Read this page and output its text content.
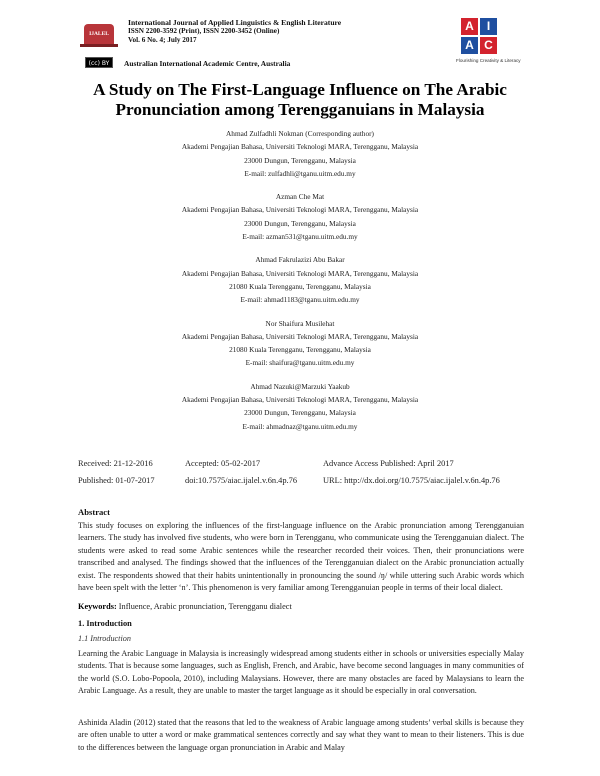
IJALEL
(cc) BY
International Journal of Applied Linguistics & English Literature
ISSN 2200-3592 (Print), ISSN 2200-3452 (Online)
Vol. 6 No. 4; July 2017
Australian International Academic Centre, Australia
A	I
A C
Flourishing Creativity & Literacy
A Study on The First-Language Influence on The Arabic
Pronunciation among Terengganuians in Malaysia
Ahmad Zulfadhli Nokman (Corresponding author)
Akademi Pengajian Bahasa, Universiti Teknologi MARA, Terengganu, Malaysia
23000 Dungun, Terengganu, Malaysia
E-mail: zulfadhli@tganu.uitm.edu.my
Azman Che Mat
Akademi Pengajian Bahasa, Universiti Teknologi MARA, Terengganu, Malaysia
23000 Dungun, Terengganu, Malaysia
E-mail: azman531@tganu.uitm.edu.my
Ahmad Fakrulazizi Abu Bakar
Akademi Pengajian Bahasa, Universiti Teknologi MARA, Terengganu, Malaysia
21080 Kuala Terengganu, Terengganu, Malaysia
E-mail: ahmad1183@tganu.uitm.edu.my
Nor Shaifura Musilehat
Akademi Pengajian Bahasa, Universiti Teknologi MARA, Terengganu, Malaysia
21080 Kuala Terengganu, Terengganu, Malaysia
E-mail: shaifura@tganu.uitm.edu.my
Ahmad Nazuki@Marzuki Yaakub
Akademi Pengajian Bahasa, Universiti Teknologi MARA, Terengganu, Malaysia
23000 Dungun, Terengganu, Malaysia
E-mail: ahmadnaz@tganu.uitm.edu.my
Received: 21-12-2016	Accepted: 05-02-2017	Advance Access Published: April 2017
Published: 01-07-2017	doi:10.7575/aiac.ijalel.v.6n.4p.76	URL: http://dx.doi.org/10.7575/aiac.ijalel.v.6n.4p.76
Abstract
This study focuses on exploring the influences of the first-language influence on the Arabic pronunciation among Terengganuian learners. The study has involved five students, who were born in Terengganu, who communicate using the Terengganuian dialect. The students were asked to read some Arabic sentences while the researcher recorded their voices. Then, their pronunciations were transcribed and analysed. The findings showed that the influences of the Terengganuian dialect on the Arabic pronunciation actually exist. The respondents showed that their habits unintentionally in pronouncing the sound /ŋ/ while uttering such Arabic words which have been spelt with the letter ‘n’. This phenomenon is very familiar among Terengganuian people in terms of their local dialect.
Keywords: Influence, Arabic pronunciation, Terengganu dialect
1. Introduction
1.1 Introduction
Learning the Arabic Language in Malaysia is increasingly widespread among students either in schools or universities especially Malay students. That is because some languages, such as English, French, and Arabic, have become second languages in many communities of the world (S.O. Lobo-Popoola, 2010), including Malaysians. However, there are many obstacles are faced by Malaysians to learn the Arabic Language. As a result, they are unable to master the target language as it should be especially in oral conversation.
Ashinida Aladin (2012) stated that the reasons that led to the weakness of Arabic language among students’ verbal skills is because they are often unable to utter a word or make grammatical sentences correctly and say what they want to mean to their listeners. This is due to the differences between the language organ pronunciation in Arabic and Malay
